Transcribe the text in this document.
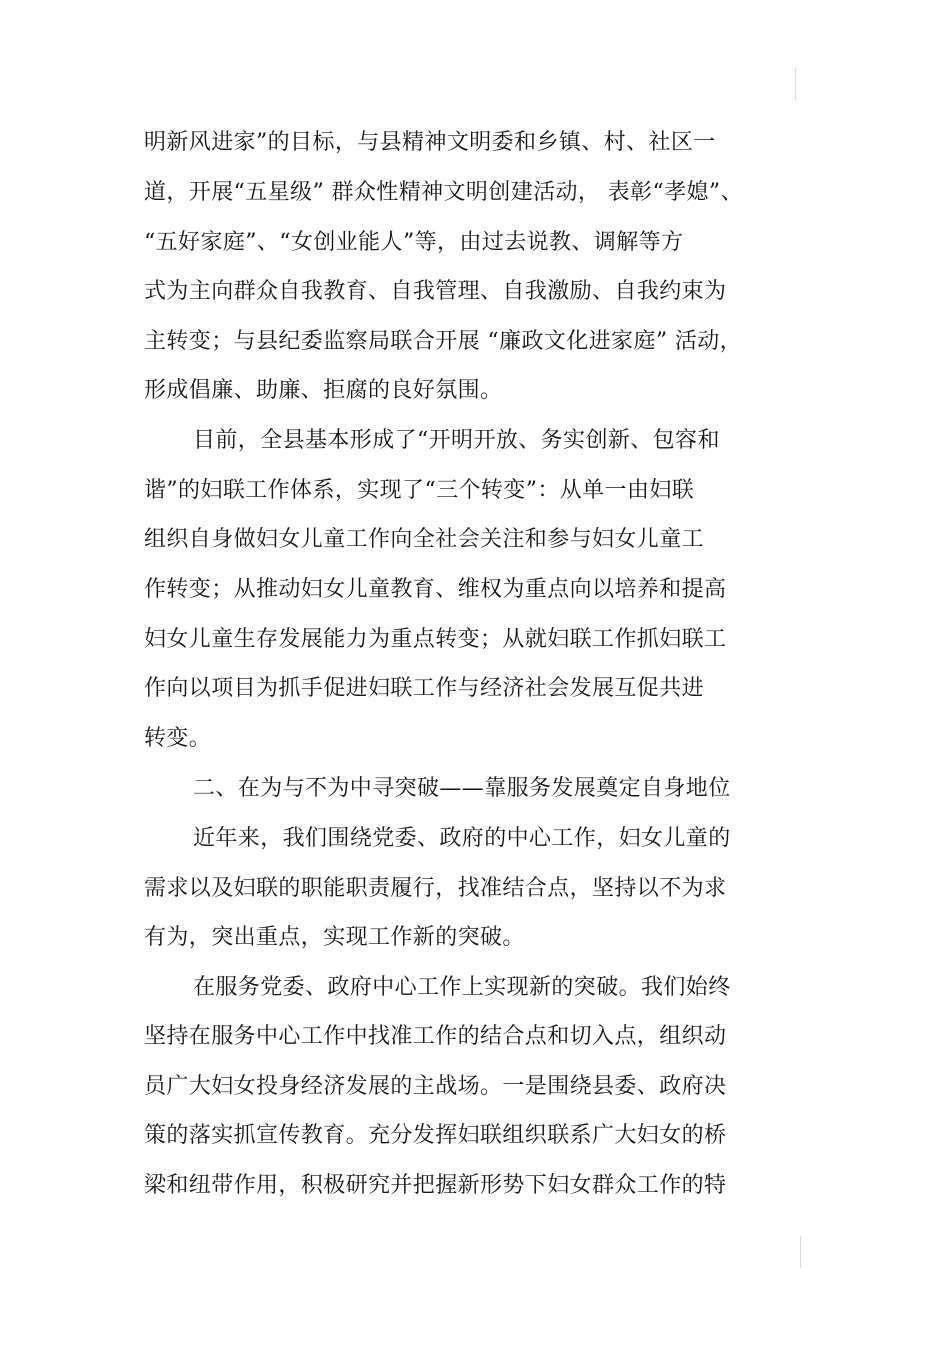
明新风进家”的目标，与县精神文明委和乡镇、村、社区一
道，开展“五星级” 群众性精神文明创建活动， 表彰“孝媳”、
“五好家庭”、“女创业能人”等，由过去说教、调解等方
式为主向群众自我教育、自我管理、自我激励、自我约束为
主转变；与县纪委监察局联合开展 “廉政文化进家庭” 活动，
形成倡廉、助廉、拒腐的良好氛围。
目前，全县基本形成了“开明开放、务实创新、包容和
谐”的妇联工作体系，实现了“三个转变”：从单一由妇联
组织自身做妇女儿童工作向全社会关注和参与妇女儿童工
作转变；从推动妇女儿童教育、维权为重点向以培养和提高
妇女儿童生存发展能力为重点转变；从就妇联工作抓妇联工
作向以项目为抓手促进妇联工作与经济社会发展互促共进
转变。
二、在为与不为中寻突破——靠服务发展奠定自身地位
近年来，我们围绕党委、政府的中心工作，妇女儿童的
需求以及妇联的职能职责履行，找准结合点，坚持以不为求
有为，突出重点，实现工作新的突破。
在服务党委、政府中心工作上实现新的突破。我们始终
坚持在服务中心工作中找准工作的结合点和切入点，组织动
员广大妇女投身经济发展的主战场。一是围绕县委、政府决
策的落实抓宣传教育。充分发挥妇联组织联系广大妇女的桥
梁和纽带作用，积极研究并把握新形势下妇女群众工作的特
